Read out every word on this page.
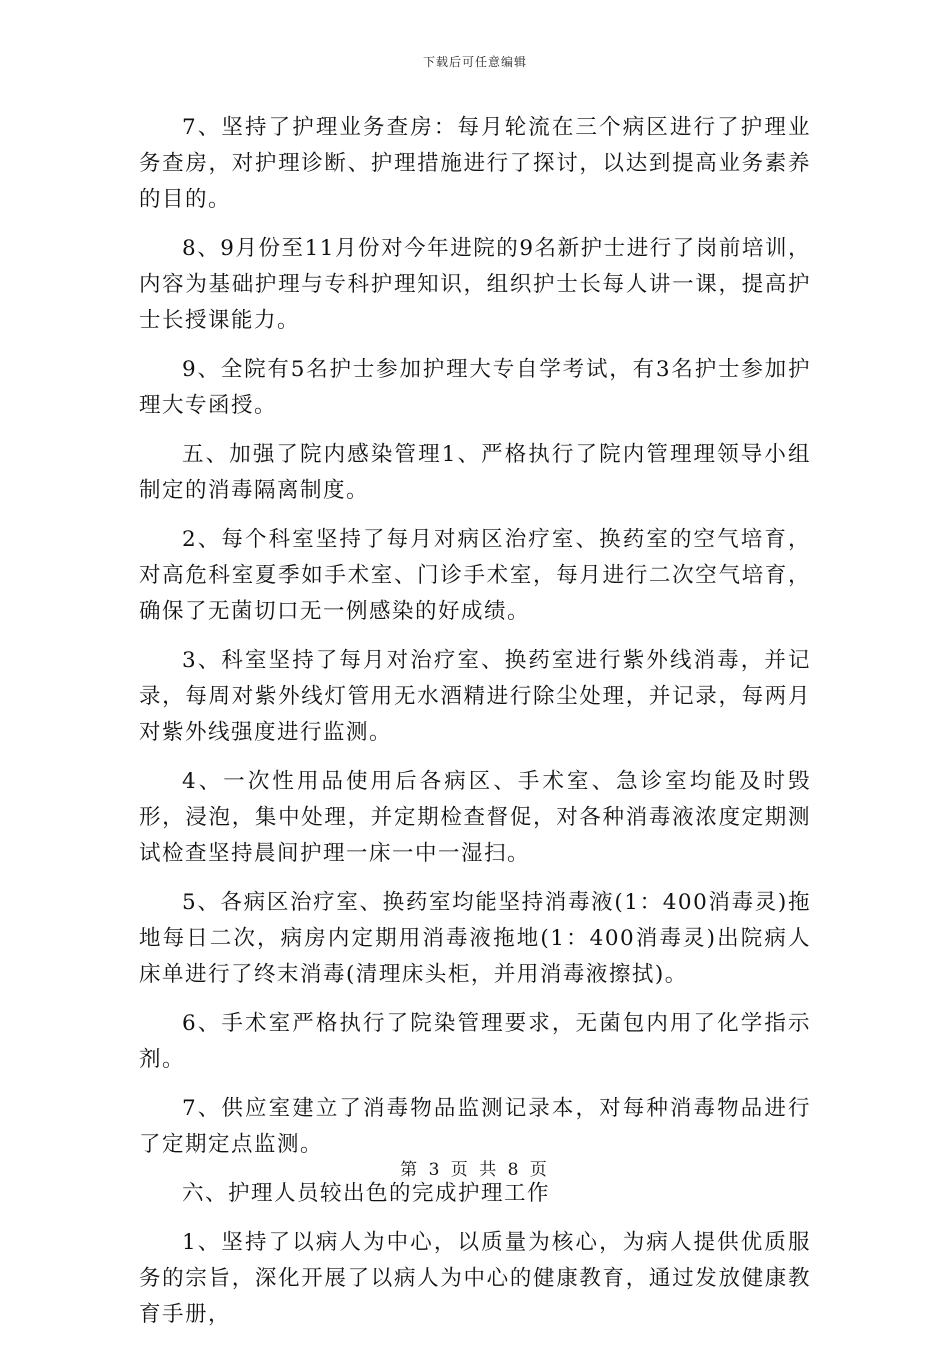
下载后可任意编辑

7、坚持了护理业务查房：每月轮流在三个病区进行了护理业务查房，对护理诊断、护理措施进行了探讨，以达到提高业务素养的目的。

8、9月份至11月份对今年进院的9名新护士进行了岗前培训，内容为基础护理与专科护理知识，组织护士长每人讲一课，提高护士长授课能力。

9、全院有5名护士参加护理大专自学考试，有3名护士参加护理大专函授。

五、加强了院内感染管理1、严格执行了院内管理理领导小组制定的消毒隔离制度。

2、每个科室坚持了每月对病区治疗室、换药室的空气培育，对高危科室夏季如手术室、门诊手术室，每月进行二次空气培育，确保了无菌切口无一例感染的好成绩。

3、科室坚持了每月对治疗室、换药室进行紫外线消毒，并记录，每周对紫外线灯管用无水酒精进行除尘处理，并记录，每两月对紫外线强度进行监测。

4、一次性用品使用后各病区、手术室、急诊室均能及时毁形，浸泡，集中处理，并定期检查督促，对各种消毒液浓度定期测试检查坚持晨间护理一床一中一湿扫。

5、各病区治疗室、换药室均能坚持消毒液(1：400消毒灵)拖地每日二次，病房内定期用消毒液拖地(1：400消毒灵)出院病人床单进行了终末消毒(清理床头柜，并用消毒液擦拭)。

6、手术室严格执行了院染管理要求，无菌包内用了化学指示剂。

7、供应室建立了消毒物品监测记录本，对每种消毒物品进行了定期定点监测。

六、护理人员较出色的完成护理工作

1、坚持了以病人为中心，以质量为核心，为病人提供优质服务的宗旨，深化开展了以病人为中心的健康教育，通过发放健康教育手册，

第 3 页 共 8 页
